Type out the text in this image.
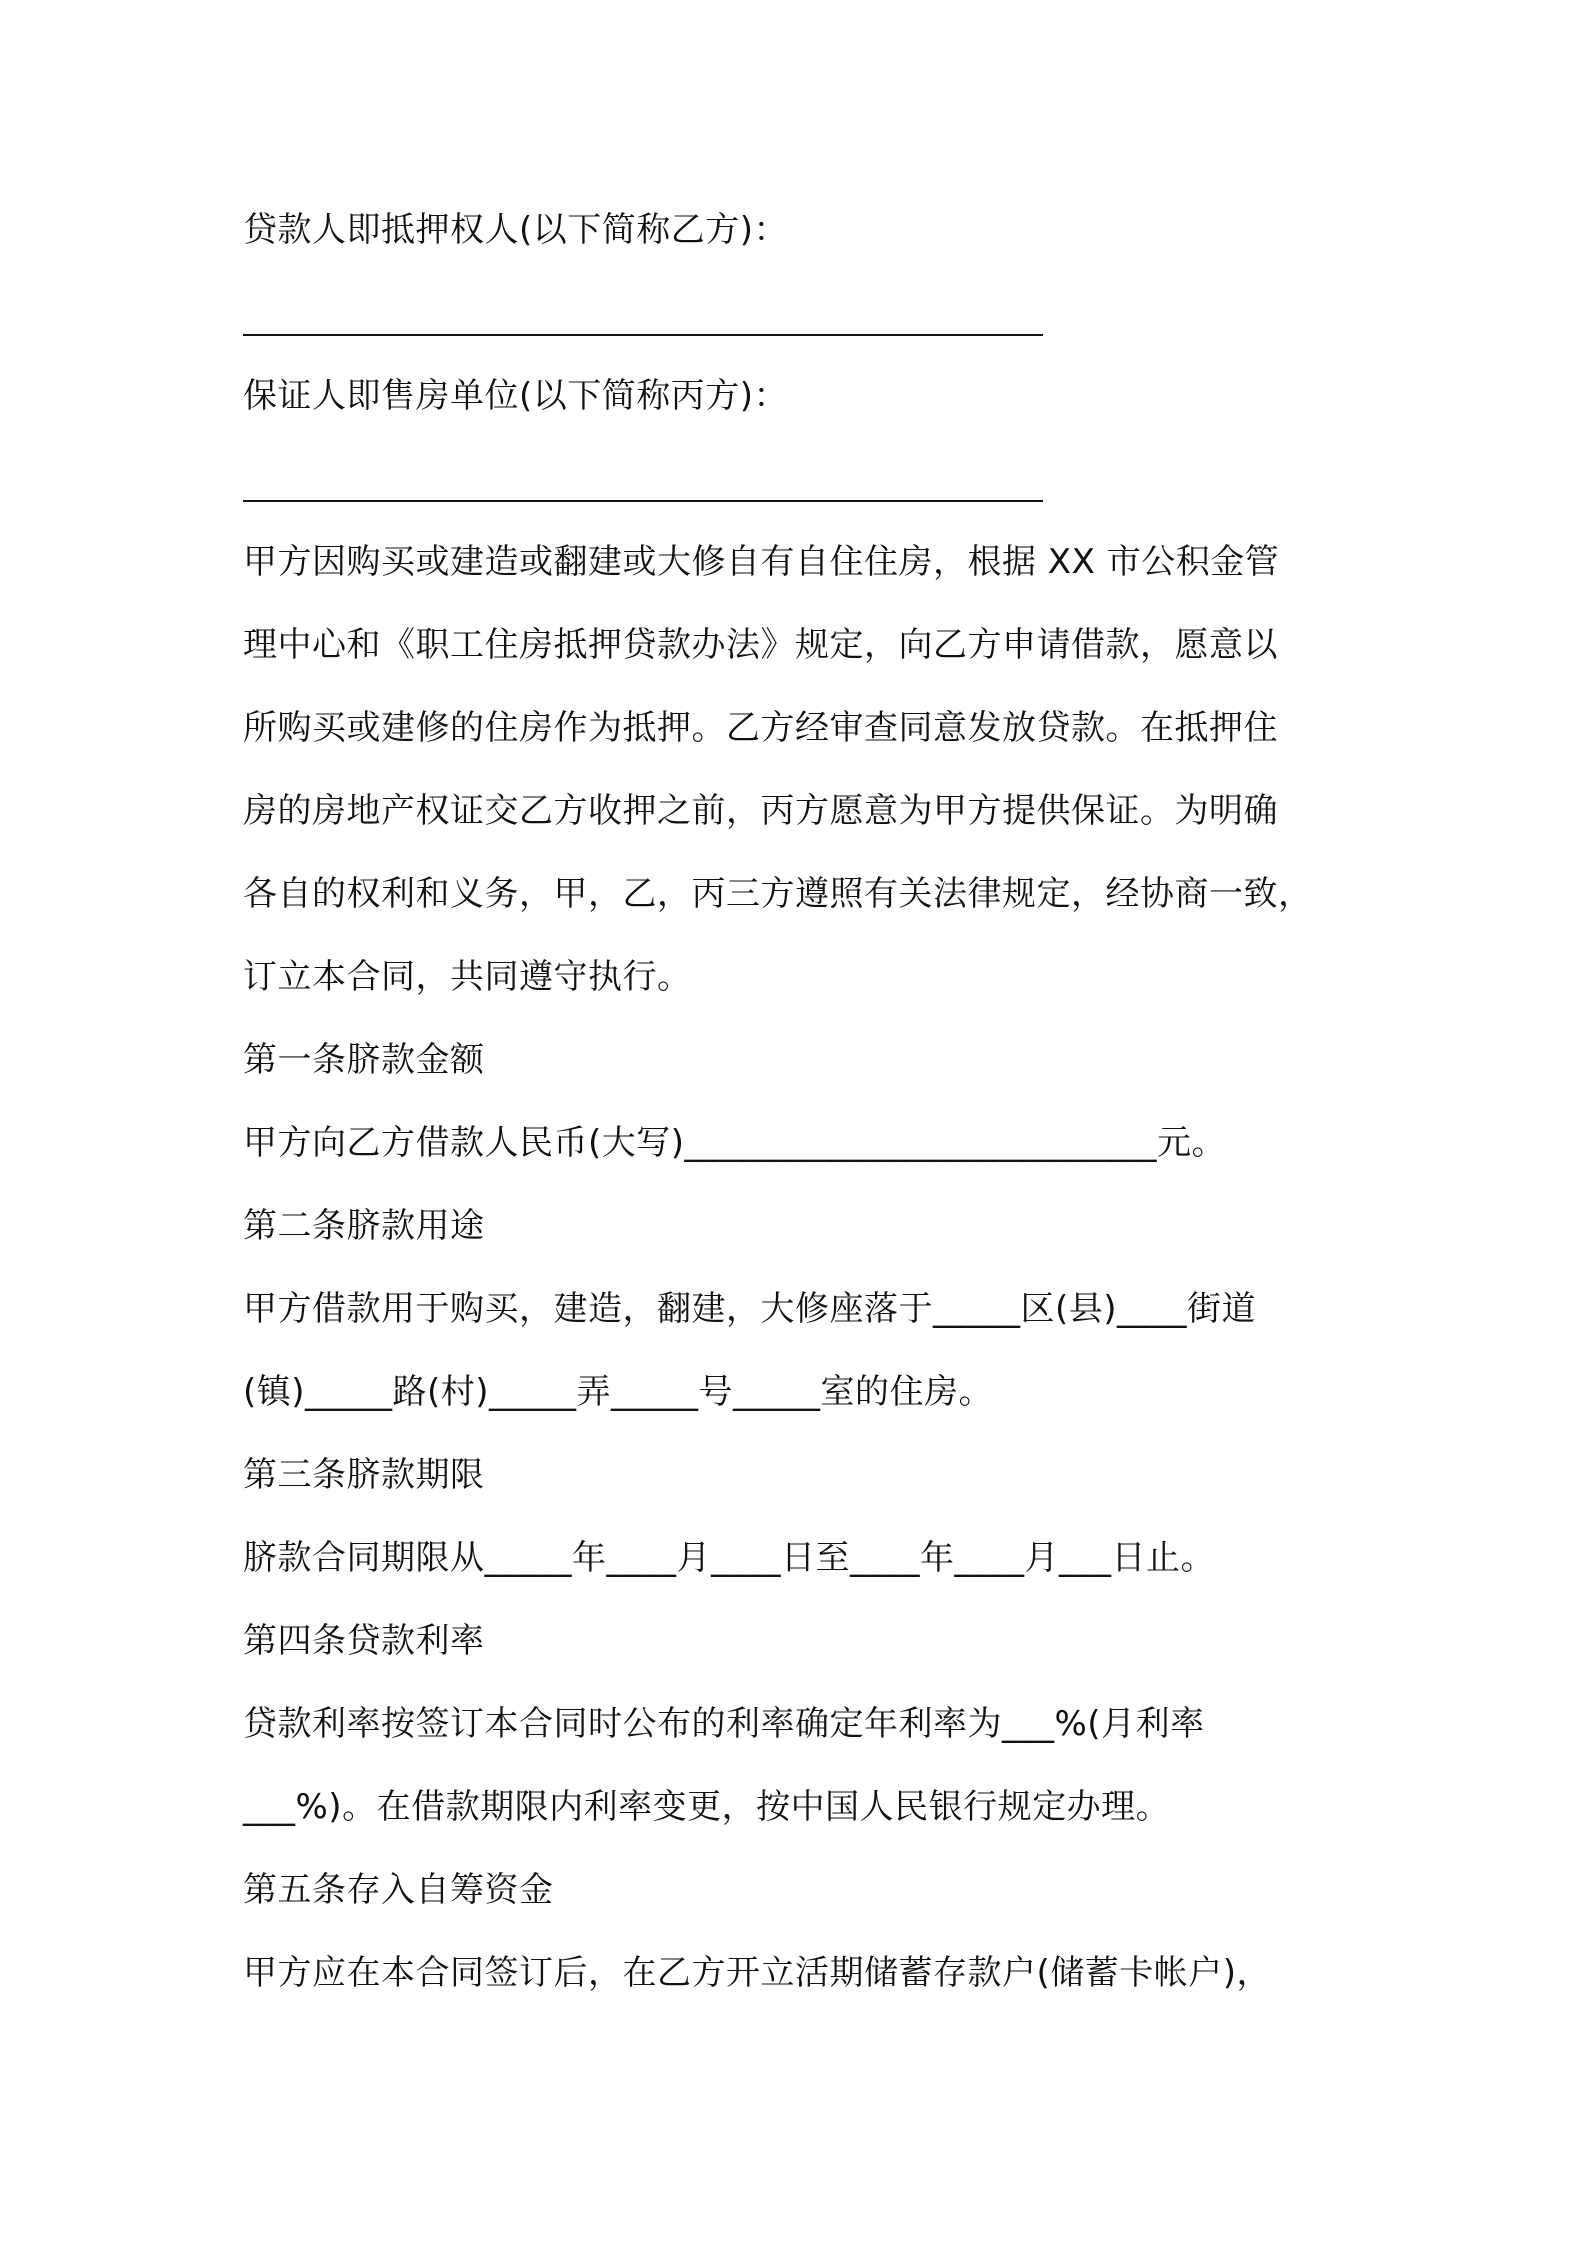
贷款人即抵押权人(以下简称乙方)：
保证人即售房单位(以下简称丙方)：
甲方因购买或建造或翻建或大修自有自住住房，根据 XX 市公积金管
理中心和《职工住房抵押贷款办法》规定，向乙方申请借款，愿意以
所购买或建修的住房作为抵押。乙方经审查同意发放贷款。在抵押住
房的房地产权证交乙方收押之前，丙方愿意为甲方提供保证。为明确
各自的权利和义务，甲，乙，丙三方遵照有关法律规定，经协商一致，
订立本合同，共同遵守执行。
第一条脐款金额
甲方向乙方借款人民币(大写)___________________________元。
第二条脐款用途
甲方借款用于购买，建造，翻建，大修座落于_____区(县)____街道
(镇)_____路(村)_____弄_____号_____室的住房。
第三条脐款期限
脐款合同期限从_____年____月____日至____年____月___日止。
第四条贷款利率
贷款利率按签订本合同时公布的利率确定年利率为___%(月利率
___%)。在借款期限内利率变更，按中国人民银行规定办理。
第五条存入自筹资金
甲方应在本合同签订后，在乙方开立活期储蓄存款户(储蓄卡帐户)，
